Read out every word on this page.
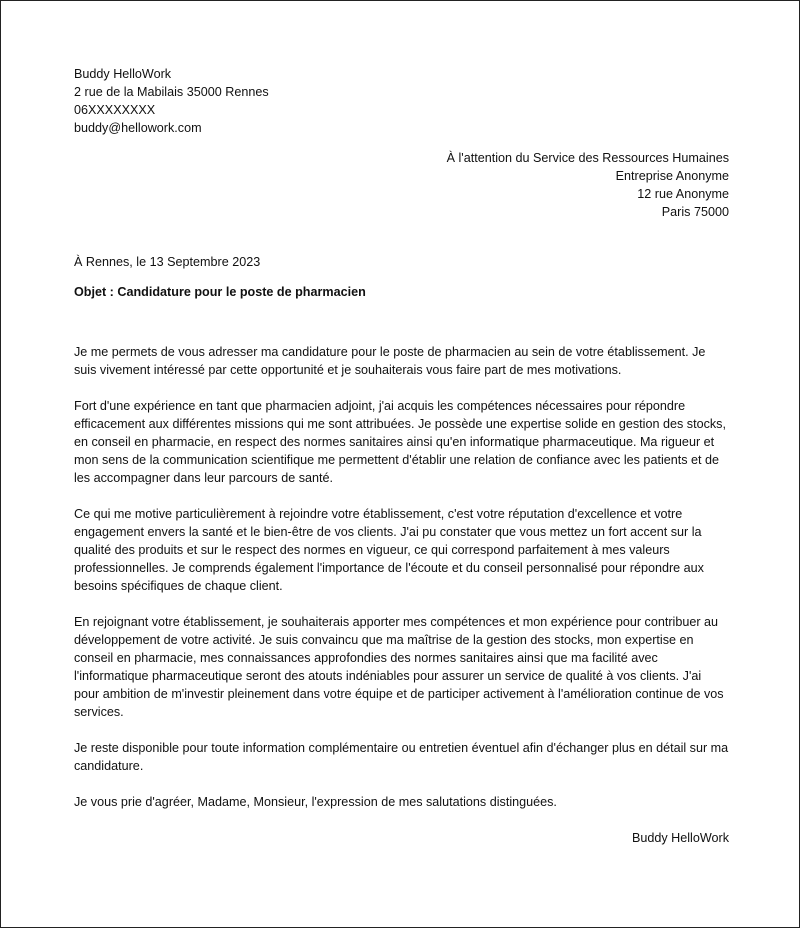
Buddy HelloWork
2 rue de la Mabilais 35000 Rennes
06XXXXXXXX
buddy@hellowork.com
À l'attention du Service des Ressources Humaines
Entreprise Anonyme
12 rue Anonyme
Paris 75000
À Rennes, le 13 Septembre 2023
Objet : Candidature pour le poste de pharmacien

Je me permets de vous adresser ma candidature pour le poste de pharmacien au sein de votre établissement. Je suis vivement intéressé par cette opportunité et je souhaiterais vous faire part de mes motivations.

Fort d'une expérience en tant que pharmacien adjoint, j'ai acquis les compétences nécessaires pour répondre efficacement aux différentes missions qui me sont attribuées. Je possède une expertise solide en gestion des stocks, en conseil en pharmacie, en respect des normes sanitaires ainsi qu'en informatique pharmaceutique. Ma rigueur et mon sens de la communication scientifique me permettent d'établir une relation de confiance avec les patients et de les accompagner dans leur parcours de santé.

Ce qui me motive particulièrement à rejoindre votre établissement, c'est votre réputation d'excellence et votre engagement envers la santé et le bien-être de vos clients. J'ai pu constater que vous mettez un fort accent sur la qualité des produits et sur le respect des normes en vigueur, ce qui correspond parfaitement à mes valeurs professionnelles. Je comprends également l'importance de l'écoute et du conseil personnalisé pour répondre aux besoins spécifiques de chaque client.

En rejoignant votre établissement, je souhaiterais apporter mes compétences et mon expérience pour contribuer au développement de votre activité. Je suis convaincu que ma maîtrise de la gestion des stocks, mon expertise en conseil en pharmacie, mes connaissances approfondies des normes sanitaires ainsi que ma facilité avec l'informatique pharmaceutique seront des atouts indéniables pour assurer un service de qualité à vos clients. J'ai pour ambition de m'investir pleinement dans votre équipe et de participer activement à l'amélioration continue de vos services.

Je reste disponible pour toute information complémentaire ou entretien éventuel afin d'échanger plus en détail sur ma candidature.

Je vous prie d'agréer, Madame, Monsieur, l'expression de mes salutations distinguées.

Buddy HelloWork
